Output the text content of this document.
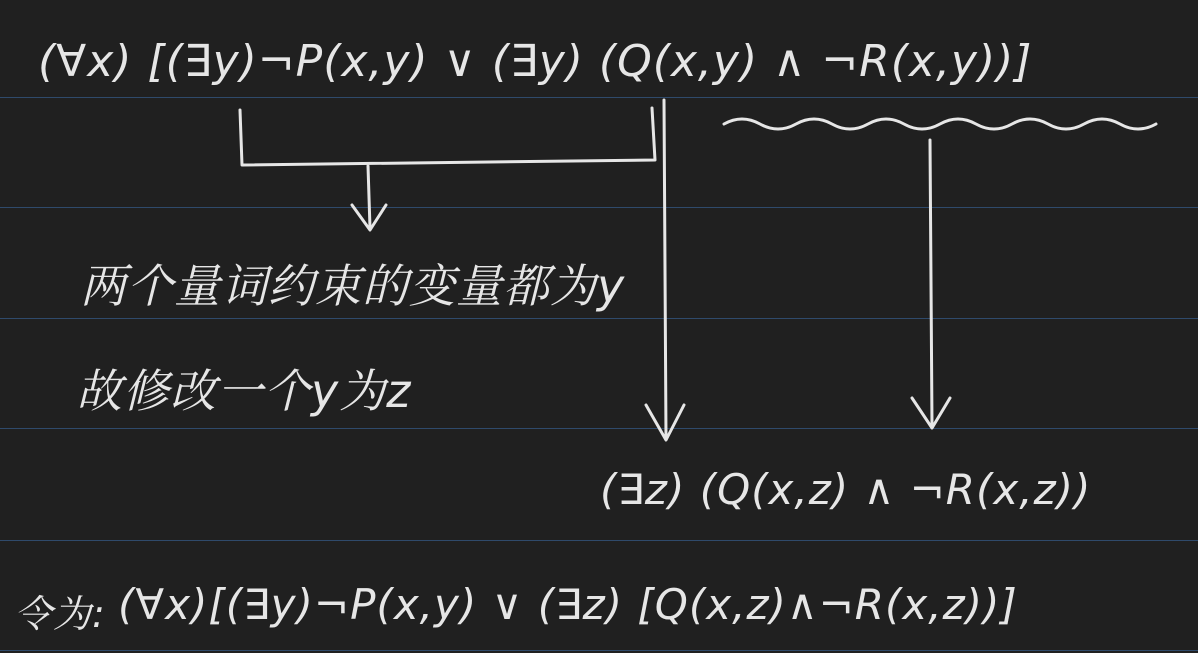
(∀x) [(∃y)¬P(x,y) ∨ (∃y) (Q(x,y) ∧ ¬R(x,y))]
两个量词约束的变量都为y
故修改一个y为z
(∃z) (Q(x,z) ∧ ¬R(x,z))
令为: (∀x)[(∃y)¬P(x,y) ∨ (∃z) [Q(x,z)∧¬R(x,z))]
